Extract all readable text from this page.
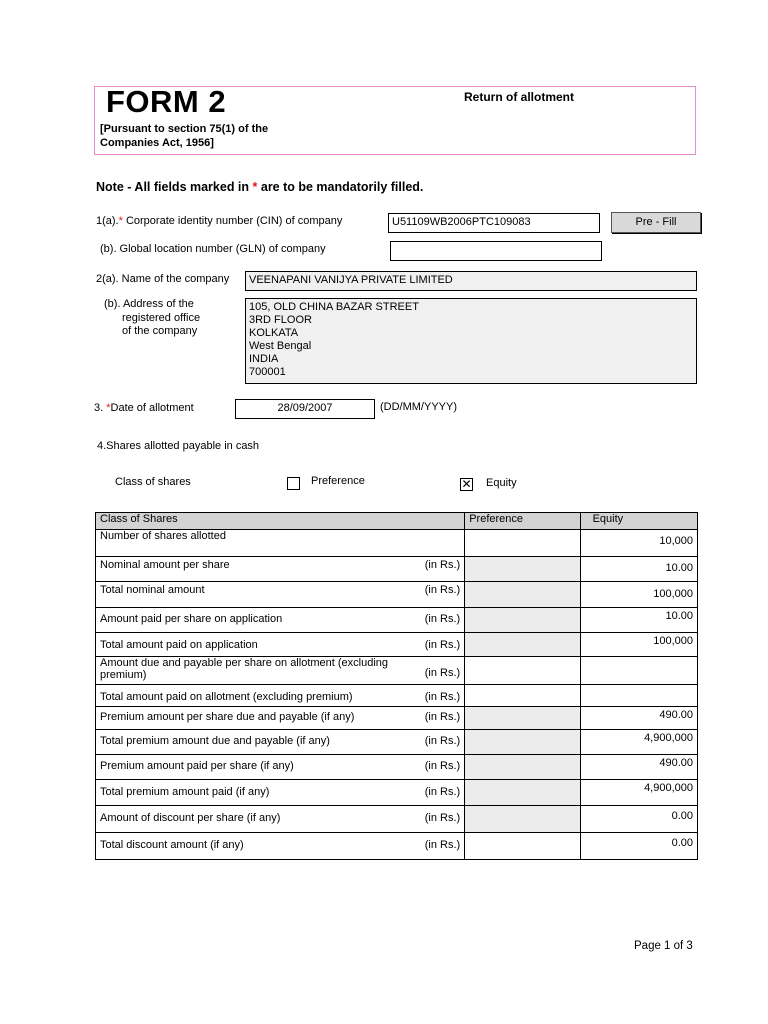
FORM 2
[Pursuant to section 75(1) of the
Companies Act, 1956]
Return of allotment
Note - All fields marked in * are to be mandatorily filled.
1(a).* Corporate identity number (CIN) of company	U51109WB2006PTC109083	Pre - Fill
(b). Global location number (GLN) of company
2(a). Name of the company	VEENAPANI VANIJYA PRIVATE LIMITED
(b). Address of the
registered office
of the company
105, OLD CHINA BAZAR STREET
3RD FLOOR
KOLKATA
West Bengal
INDIA
700001
3. *Date of allotment	28/09/2007	(DD/MM/YYYY)
4.Shares allotted payable in cash
Class of shares	Preference	✕ Equity
Class of Shares	Preference	Equity
Number of shares allotted		10,000
Nominal amount per share (in Rs.)		10.00
Total nominal amount (in Rs.)		100,000
Amount paid per share on application (in Rs.)		10.00
Total amount paid on application (in Rs.)		100,000

Amount due and payable per share on allotment (excluding premium) (in Rs.)		

Total amount paid on allotment (excluding premium) (in Rs.)		

Premium amount per share due and payable (if any) (in Rs.)		490.00
Total premium amount due and payable (if any) (in Rs.)		4,900,000
Premium amount paid per share (if any) (in Rs.)		490.00
Total premium amount paid (if any) (in Rs.)		4,900,000
Amount of discount per share (if any) (in Rs.)		0.00
Total discount amount (if any) (in Rs.)		0.00
Page 1 of 3
